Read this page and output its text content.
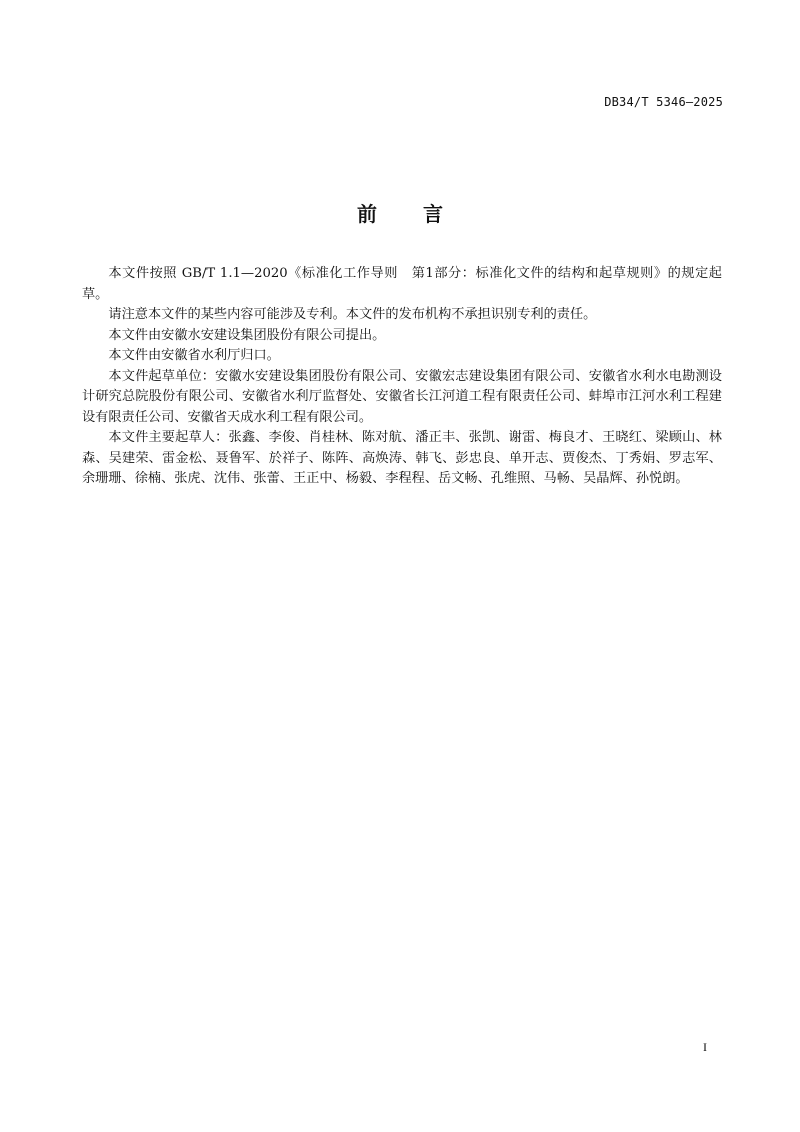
DB34/T 5346—2025
前 言

本文件按照 GB/T 1.1—2020《标准化工作导则　第1部分：标准化文件的结构和起草规则》的规定起草。

请注意本文件的某些内容可能涉及专利。本文件的发布机构不承担识别专利的责任。

本文件由安徽水安建设集团股份有限公司提出。

本文件由安徽省水利厅归口。

本文件起草单位：安徽水安建设集团股份有限公司、安徽宏志建设集团有限公司、安徽省水利水电勘测设计研究总院股份有限公司、安徽省水利厅监督处、安徽省长江河道工程有限责任公司、蚌埠市江河水利工程建设有限责任公司、安徽省天成水利工程有限公司。

本文件主要起草人：张鑫、李俊、肖桂林、陈对航、潘正丰、张凯、谢雷、梅良才、王晓红、梁顾山、林森、吴建荣、雷金松、聂鲁军、於祥子、陈阵、高焕涛、韩飞、彭忠良、单开志、贾俊杰、丁秀娟、罗志军、余珊珊、徐楠、张虎、沈伟、张蕾、王正中、杨毅、李程程、岳文畅、孔维照、马畅、吴晶辉、孙悦朗。

I
